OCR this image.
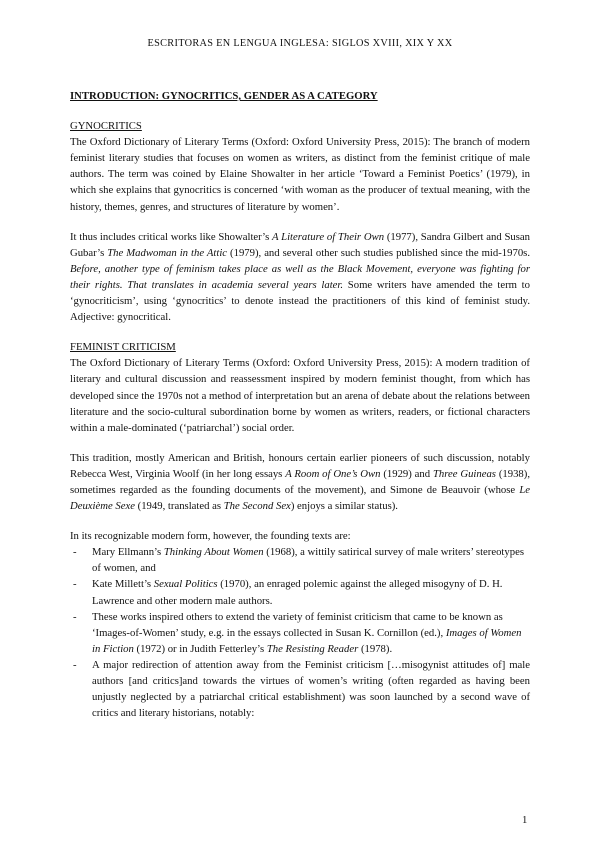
ESCRITORAS EN LENGUA INGLESA: SIGLOS XVIII, XIX Y XX

INTRODUCTION: GYNOCRITICS, GENDER AS A CATEGORY

GYNOCRITICS

The Oxford Dictionary of Literary Terms (Oxford: Oxford University Press, 2015): The branch of modern feminist literary studies that focuses on women as writers, as distinct from the feminist critique of male authors. The term was coined by Elaine Showalter in her article ‘Toward a Feminist Poetics’ (1979), in which she explains that gynocritics is concerned ‘with woman as the producer of textual meaning, with the history, themes, genres, and structures of literature by women’.

It thus includes critical works like Showalter’s A Literature of Their Own (1977), Sandra Gilbert and Susan Gubar’s The Madwoman in the Attic (1979), and several other such studies published since the mid-1970s. Before, another type of feminism takes place as well as the Black Movement, everyone was fighting for their rights. That translates in academia several years later. Some writers have amended the term to ‘gynocriticism’, using ‘gynocritics’ to denote instead the practitioners of this kind of feminist study. Adjective: gynocritical.

FEMINIST CRITICISM

The Oxford Dictionary of Literary Terms (Oxford: Oxford University Press, 2015): A modern tradition of literary and cultural discussion and reassessment inspired by modern feminist thought, from which has developed since the 1970s not a method of interpretation but an arena of debate about the relations between literature and the socio-cultural subordination borne by women as writers, readers, or fictional characters within a male-dominated (‘patriarchal’) social order.

This tradition, mostly American and British, honours certain earlier pioneers of such discussion, notably Rebecca West, Virginia Woolf (in her long essays A Room of One’s Own (1929) and Three Guineas (1938), sometimes regarded as the founding documents of the movement), and Simone de Beauvoir (whose Le Deuxième Sexe (1949, translated as The Second Sex) enjoys a similar status).

In its recognizable modern form, however, the founding texts are:

- Mary Ellmann’s Thinking About Women (1968), a wittily satirical survey of male writers’ stereotypes of women, and
- Kate Millett’s Sexual Politics (1970), an enraged polemic against the alleged misogyny of D. H. Lawrence and other modern male authors.
- These works inspired others to extend the variety of feminist criticism that came to be known as ‘Images-of-Women’ study, e.g. in the essays collected in Susan K. Cornillon (ed.), Images of Women in Fiction (1972) or in Judith Fetterley’s The Resisting Reader (1978).
- A major redirection of attention away from the Feminist criticism […misogynist attitudes of] male authors [and critics]and towards the virtues of women’s writing (often regarded as having been unjustly neglected by a patriarchal critical establishment) was soon launched by a second wave of critics and literary historians, notably:
1
